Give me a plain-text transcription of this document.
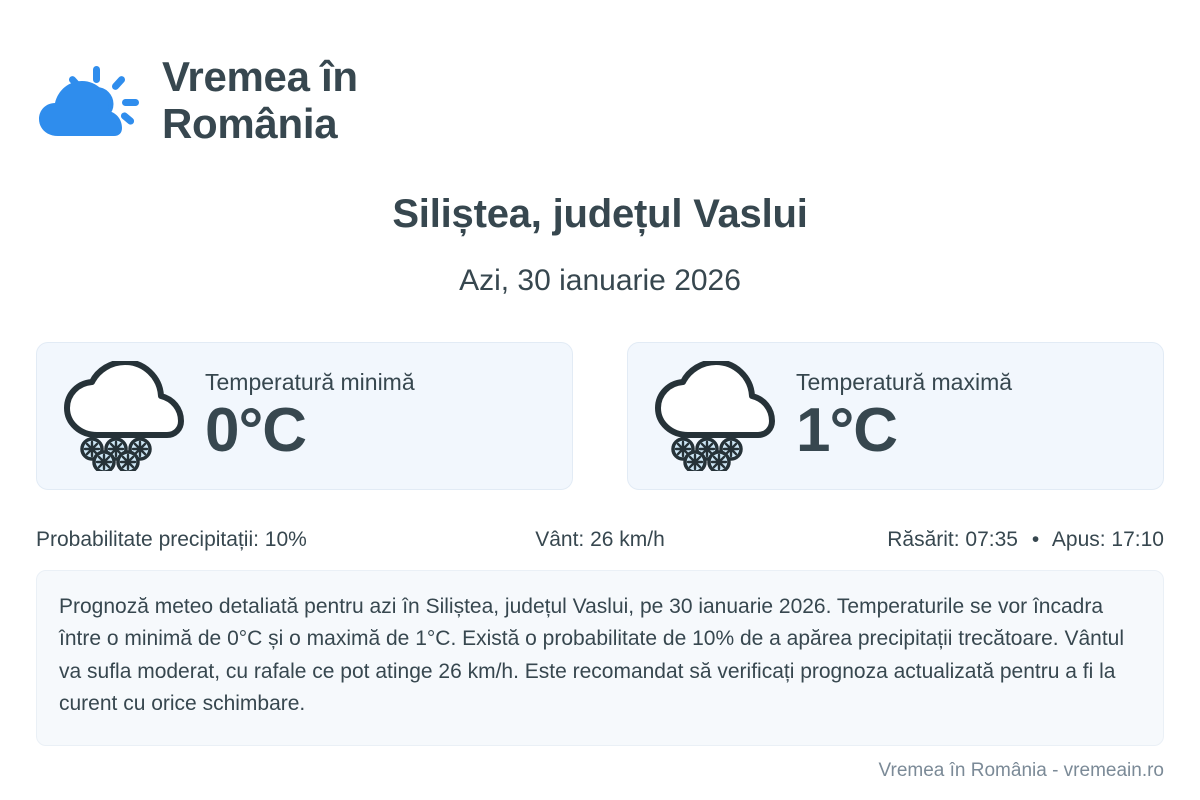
Vremea în România
Siliștea, județul Vaslui
Azi, 30 ianuarie 2026
Temperatură minimă
0°C
Temperatură maximă
1°C
Probabilitate precipitații: 10%	Vânt: 26 km/h	Răsărit: 07:35 • Apus: 17:10
Prognoză meteo detaliată pentru azi în Siliștea, județul Vaslui, pe 30 ianuarie 2026. Temperaturile se vor încadra între o minimă de 0°C și o maximă de 1°C. Există o probabilitate de 10% de a apărea precipitații trecătoare. Vântul va sufla moderat, cu rafale ce pot atinge 26 km/h. Este recomandat să verificați prognoza actualizată pentru a fi la curent cu orice schimbare.
Vremea în România - vremeain.ro
